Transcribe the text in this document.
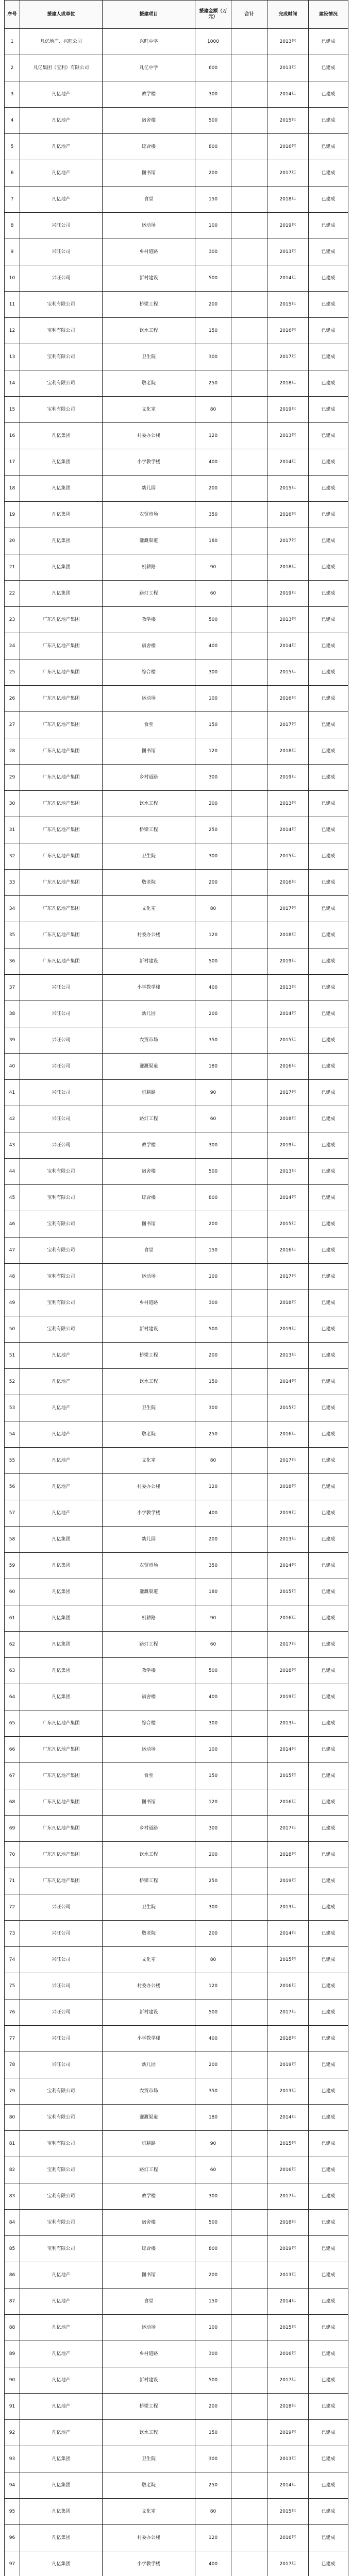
序号	援建人或单位	援建项目	援建金额（万元）	合计	完成时间	建设情况
1	凡亿地产、兴旺公司	兴旺中学	1000		2013年	已建成
2	凡亿集团（宝利）有限公司	凡亿中学	600		2013年	已建成
3	凡亿地产	教学楼	300		2014年	已建成
4	凡亿地产	宿舍楼	500		2015年	已建成
5	凡亿地产	综合楼	800		2016年	已建成
6	凡亿地产	图书馆	200		2017年	已建成
7	凡亿地产	食堂	150		2018年	已建成
8	兴旺公司	运动场	100		2019年	已建成
9	兴旺公司	乡村道路	300		2013年	已建成
10	兴旺公司	新村建设	500		2014年	已建成
11	宝利有限公司	桥梁工程	200		2015年	已建成
12	宝利有限公司	饮水工程	150		2016年	已建成
13	宝利有限公司	卫生院	300		2017年	已建成
14	宝利有限公司	敬老院	250		2018年	已建成
15	宝利有限公司	文化室	80		2019年	已建成
16	凡亿集团	村委办公楼	120		2013年	已建成
17	凡亿集团	小学教学楼	400		2014年	已建成
18	凡亿集团	幼儿园	200		2015年	已建成
19	凡亿集团	农贸市场	350		2016年	已建成
20	凡亿集团	灌溉渠道	180		2017年	已建成
21	凡亿集团	机耕路	90		2018年	已建成
22	凡亿集团	路灯工程	60		2019年	已建成
23	广东凡亿地产集团	教学楼	500		2013年	已建成
24	广东凡亿地产集团	宿舍楼	400		2014年	已建成
25	广东凡亿地产集团	综合楼	300		2015年	已建成
26	广东凡亿地产集团	运动场	100		2016年	已建成
27	广东凡亿地产集团	食堂	150		2017年	已建成
28	广东凡亿地产集团	图书馆	120		2018年	已建成
29	广东凡亿地产集团	乡村道路	300		2019年	已建成
30	广东凡亿地产集团	饮水工程	200		2013年	已建成
31	广东凡亿地产集团	桥梁工程	250		2014年	已建成
32	广东凡亿地产集团	卫生院	300		2015年	已建成
33	广东凡亿地产集团	敬老院	200		2016年	已建成
34	广东凡亿地产集团	文化室	80		2017年	已建成
35	广东凡亿地产集团	村委办公楼	120		2018年	已建成
36	广东凡亿地产集团	新村建设	500		2019年	已建成
37	兴旺公司	小学教学楼	400		2013年	已建成
38	兴旺公司	幼儿园	200		2014年	已建成
39	兴旺公司	农贸市场	350		2015年	已建成
40	兴旺公司	灌溉渠道	180		2016年	已建成
41	兴旺公司	机耕路	90		2017年	已建成
42	兴旺公司	路灯工程	60		2018年	已建成
43	兴旺公司	教学楼	300		2019年	已建成
44	宝利有限公司	宿舍楼	500		2013年	已建成
45	宝利有限公司	综合楼	800		2014年	已建成
46	宝利有限公司	图书馆	200		2015年	已建成
47	宝利有限公司	食堂	150		2016年	已建成
48	宝利有限公司	运动场	100		2017年	已建成
49	宝利有限公司	乡村道路	300		2018年	已建成
50	宝利有限公司	新村建设	500		2019年	已建成
51	凡亿地产	桥梁工程	200		2013年	已建成
52	凡亿地产	饮水工程	150		2014年	已建成
53	凡亿地产	卫生院	300		2015年	已建成
54	凡亿地产	敬老院	250		2016年	已建成
55	凡亿地产	文化室	80		2017年	已建成
56	凡亿地产	村委办公楼	120		2018年	已建成
57	凡亿地产	小学教学楼	400		2019年	已建成
58	凡亿集团	幼儿园	200		2013年	已建成
59	凡亿集团	农贸市场	350		2014年	已建成
60	凡亿集团	灌溉渠道	180		2015年	已建成
61	凡亿集团	机耕路	90		2016年	已建成
62	凡亿集团	路灯工程	60		2017年	已建成
63	凡亿集团	教学楼	500		2018年	已建成
64	凡亿集团	宿舍楼	400		2019年	已建成
65	广东凡亿地产集团	综合楼	300		2013年	已建成
66	广东凡亿地产集团	运动场	100		2014年	已建成
67	广东凡亿地产集团	食堂	150		2015年	已建成
68	广东凡亿地产集团	图书馆	120		2016年	已建成
69	广东凡亿地产集团	乡村道路	300		2017年	已建成
70	广东凡亿地产集团	饮水工程	200		2018年	已建成
71	广东凡亿地产集团	桥梁工程	250		2019年	已建成
72	兴旺公司	卫生院	300		2013年	已建成
73	兴旺公司	敬老院	200		2014年	已建成
74	兴旺公司	文化室	80		2015年	已建成
75	兴旺公司	村委办公楼	120		2016年	已建成
76	兴旺公司	新村建设	500		2017年	已建成
77	兴旺公司	小学教学楼	400		2018年	已建成
78	兴旺公司	幼儿园	200		2019年	已建成
79	宝利有限公司	农贸市场	350		2013年	已建成
80	宝利有限公司	灌溉渠道	180		2014年	已建成
81	宝利有限公司	机耕路	90		2015年	已建成
82	宝利有限公司	路灯工程	60		2016年	已建成
83	宝利有限公司	教学楼	300		2017年	已建成
84	宝利有限公司	宿舍楼	500		2018年	已建成
85	宝利有限公司	综合楼	800		2019年	已建成
86	凡亿地产	图书馆	200		2013年	已建成
87	凡亿地产	食堂	150		2014年	已建成
88	凡亿地产	运动场	100		2015年	已建成
89	凡亿地产	乡村道路	300		2016年	已建成
90	凡亿地产	新村建设	500		2017年	已建成
91	凡亿地产	桥梁工程	200		2018年	已建成
92	凡亿地产	饮水工程	150		2019年	已建成
93	凡亿集团	卫生院	300		2013年	已建成
94	凡亿集团	敬老院	250		2014年	已建成
95	凡亿集团	文化室	80		2015年	已建成
96	凡亿集团	村委办公楼	120		2016年	已建成
97	凡亿集团	小学教学楼	400		2017年	已建成
